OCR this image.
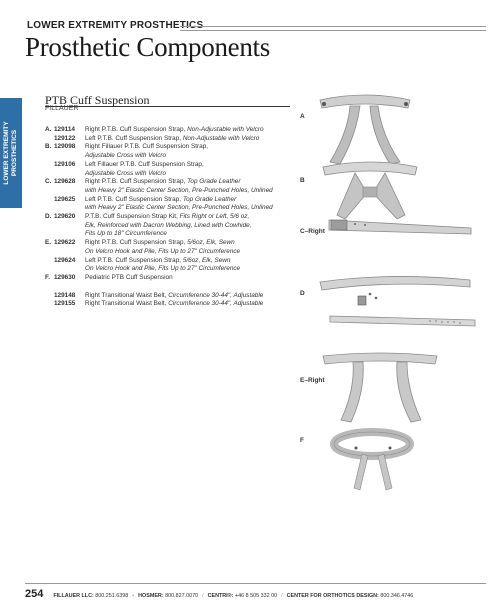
LOWER EXTREMITY PROSTHETICS
Prosthetic Components
LOWER EXTREMITY PROSTHETICS
PTB Cuff Suspension
FILLAUER
A. 129114	Right P.T.B. Cuff Suspension Strap, Non-Adjustable with Velcro
129122	Left P.T.B. Cuff Suspension Strap, Non-Adjustable with Velcro
B. 129098	Right Fillauer P.T.B. Cuff Suspension Strap,
Adjustable Cross with Velcro
129106	Left Fillauer P.T.B. Cuff Suspension Strap,
Adjustable Cross with Velcro
C. 129628	Right P.T.B. Cuff Suspension Strap, Top Grade Leather
with Heavy 2" Elastic Center Section, Pre-Punched Holes, Unlined
129625	Left P.T.B. Cuff Suspension Strap, Top Grade Leather
with Heavy 2" Elastic Center Section, Pre-Punched Holes, Unlined
D. 129620	P.T.B. Cuff Suspension Strap Kit, Fits Right or Left, 5/6 oz,
Elk, Reinforced with Dacron Webbing, Lined with Cowhide,
Fits Up to 18" Circumference
E. 129622	Right P.T.B. Cuff Suspension Strap, 5/6oz, Elk, Sewn
On Velcro Hook and Pile, Fits Up to 27" Circumference
129624	Left P.T.B. Cuff Suspension Strap, 5/6oz, Elk, Sewn
On Velcro Hook and Pile, Fits Up to 27" Circumference
F. 129630	Pediatric PTB Cuff Suspension
129148	Right Transitional Waist Belt, Circumference 30-44", Adjustable
129155	Right Transitional Waist Belt, Circumference 30-44", Adjustable
A
B
C–Right
D
E–Right
F
254 FILLAUER LLC: 800.251.6398 • HOSMER: 800.827.0070 / CENTRI®: +46 8 505 332 00 / CENTER FOR ORTHOTICS DESIGN: 800.346.4746
